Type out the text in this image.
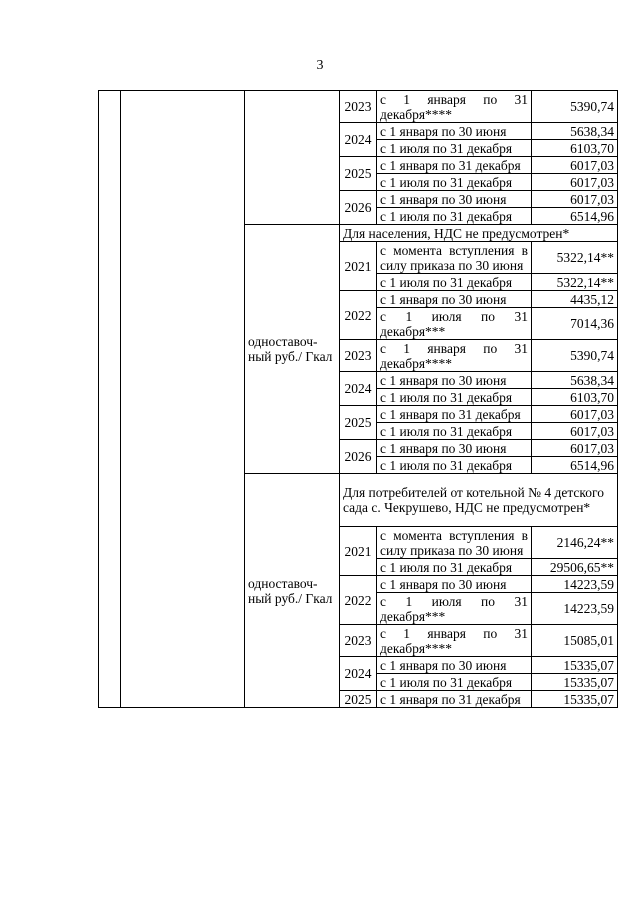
3
			2023	с 1 января по 31 декабря****	5390,74
			2024	с 1 января по 30 июня	5638,34
				с 1 июля по 31 декабря	6103,70
			2025	с 1 января по 31 декабря	6017,03
				с 1 июля по 31 декабря	6017,03
			2026	с 1 января по 30 июня	6017,03
				с 1 июля по 31 декабря	6514,96
		одноставоч-ный руб./ Гкал	Для населения, НДС не предусмотрен*		
			2021	с момента вступления в силу приказа по 30 июня	5322,14**
				с 1 июля по 31 декабря	5322,14**
			2022	с 1 января по 30 июня	4435,12
				с 1 июля по 31 декабря***	7014,36
			2023	с 1 января по 31 декабря****	5390,74
			2024	с 1 января по 30 июня	5638,34
				с 1 июля по 31 декабря	6103,70
			2025	с 1 января по 31 декабря	6017,03
				с 1 июля по 31 декабря	6017,03
			2026	с 1 января по 30 июня	6017,03
				с 1 июля по 31 декабря	6514,96
		одноставоч-ный руб./ Гкал	Для потребителей от котельной № 4 детского сада с. Чекрушево, НДС не предусмотрен*		
			2021	с момента вступления в силу приказа по 30 июня	2146,24**
				с 1 июля по 31 декабря	29506,65**
			2022	с 1 января по 30 июня	14223,59
				с 1 июля по 31 декабря***	14223,59
			2023	с 1 января по 31 декабря****	15085,01
			2024	с 1 января по 30 июня	15335,07
				с 1 июля по 31 декабря	15335,07
			2025	с 1 января по 31 декабря	15335,07
